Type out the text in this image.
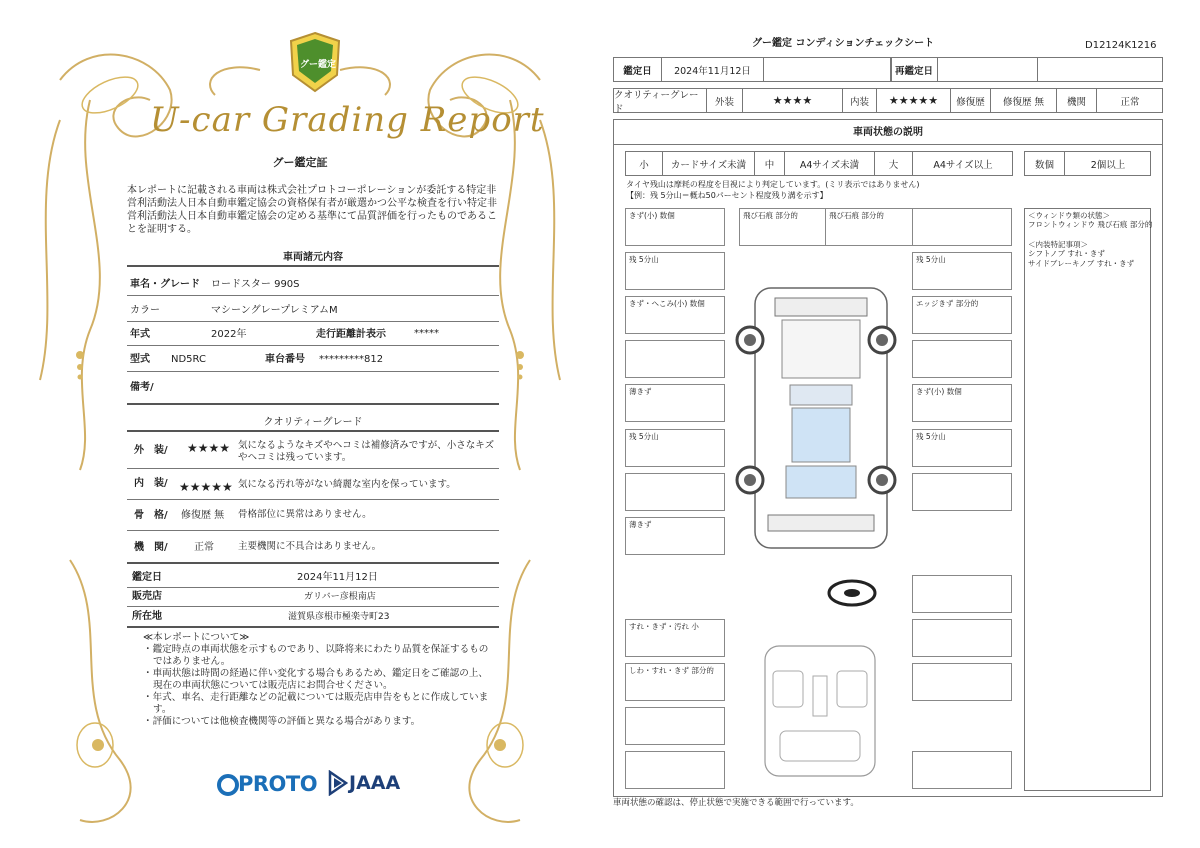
グー鑑定
U-car Grading Report
グー鑑定証
本レポートに記載される車両は株式会社プロトコーポレーションが委託する特定非営利活動法人日本自動車鑑定協会の資格保有者が厳選かつ公平な検査を行い特定非営利活動法人日本自動車鑑定協会の定める基準にて品質評価を行ったものであることを証明する。
車両諸元内容
車名・グレード ロードスター 990S
カラー	マシーングレープレミアムM
年式	2022年	走行距離計表示	*****
型式 ND5RC	車台番号 *********812
備考/
クオリティーグレード
外　装/ ★★★★ 気になるようなキズやヘコミは補修済みですが、小さなキズやヘコミは残っています。
内　装/ ★★★★★ 気になる汚れ等がない綺麗な室内を保っています。
骨　格/ 修復歴 無 骨格部位に異常はありません。
機　関/	正常	主要機関に不具合はありません。
鑑定日	2024年11月12日
販売店	ガリバー彦根南店
所在地	滋賀県彦根市極楽寺町23
≪本レポートについて≫
・鑑定時点の車両状態を示すものであり、以降将来にわたり品質を保証するものではありません。
・車両状態は時間の経過に伴い変化する場合もあるため、鑑定日をご確認の上、現在の車両状態については販売店にお問合せください。
・年式、車名、走行距離などの記載については販売店申告をもとに作成しています。
・評価については他検査機関等の評価と異なる場合があります。
PROTO JAAA
グー鑑定 コンディションチェックシート	D12124K1216
鑑定日	2024年11月12日	再鑑定日
クオリティーグレード
外装	★★★★	内装	★★★★★	修復歴	修復歴 無	機関	正常
車両状態の説明
小	カードサイズ未満	中	A4サイズ未満	大	A4サイズ以上	数個	2個以上
タイヤ残山は摩耗の程度を目視により判定しています。(ミリ表示ではありません)
【例：残 5分山＝概ね50パーセント程度残り溝を示す】
＜ウィンドウ類の状態＞
フロントウィンドウ 飛び石痕 部分的
＜内装特記事項＞
シフトノブ すれ・きず
サイドブレーキノブ すれ・きず
きず(小) 数個	飛び石痕 部分的	飛び石痕 部分的
残 5分山	残 5分山
きず・へこみ(小) 数個	エッジきず 部分的
薄きず	きず(小) 数個
残 5分山	残 5分山
薄きず
すれ・きず・汚れ 小
しわ・すれ・きず 部分的
車両状態の確認は、停止状態で実施できる範囲で行っています。
